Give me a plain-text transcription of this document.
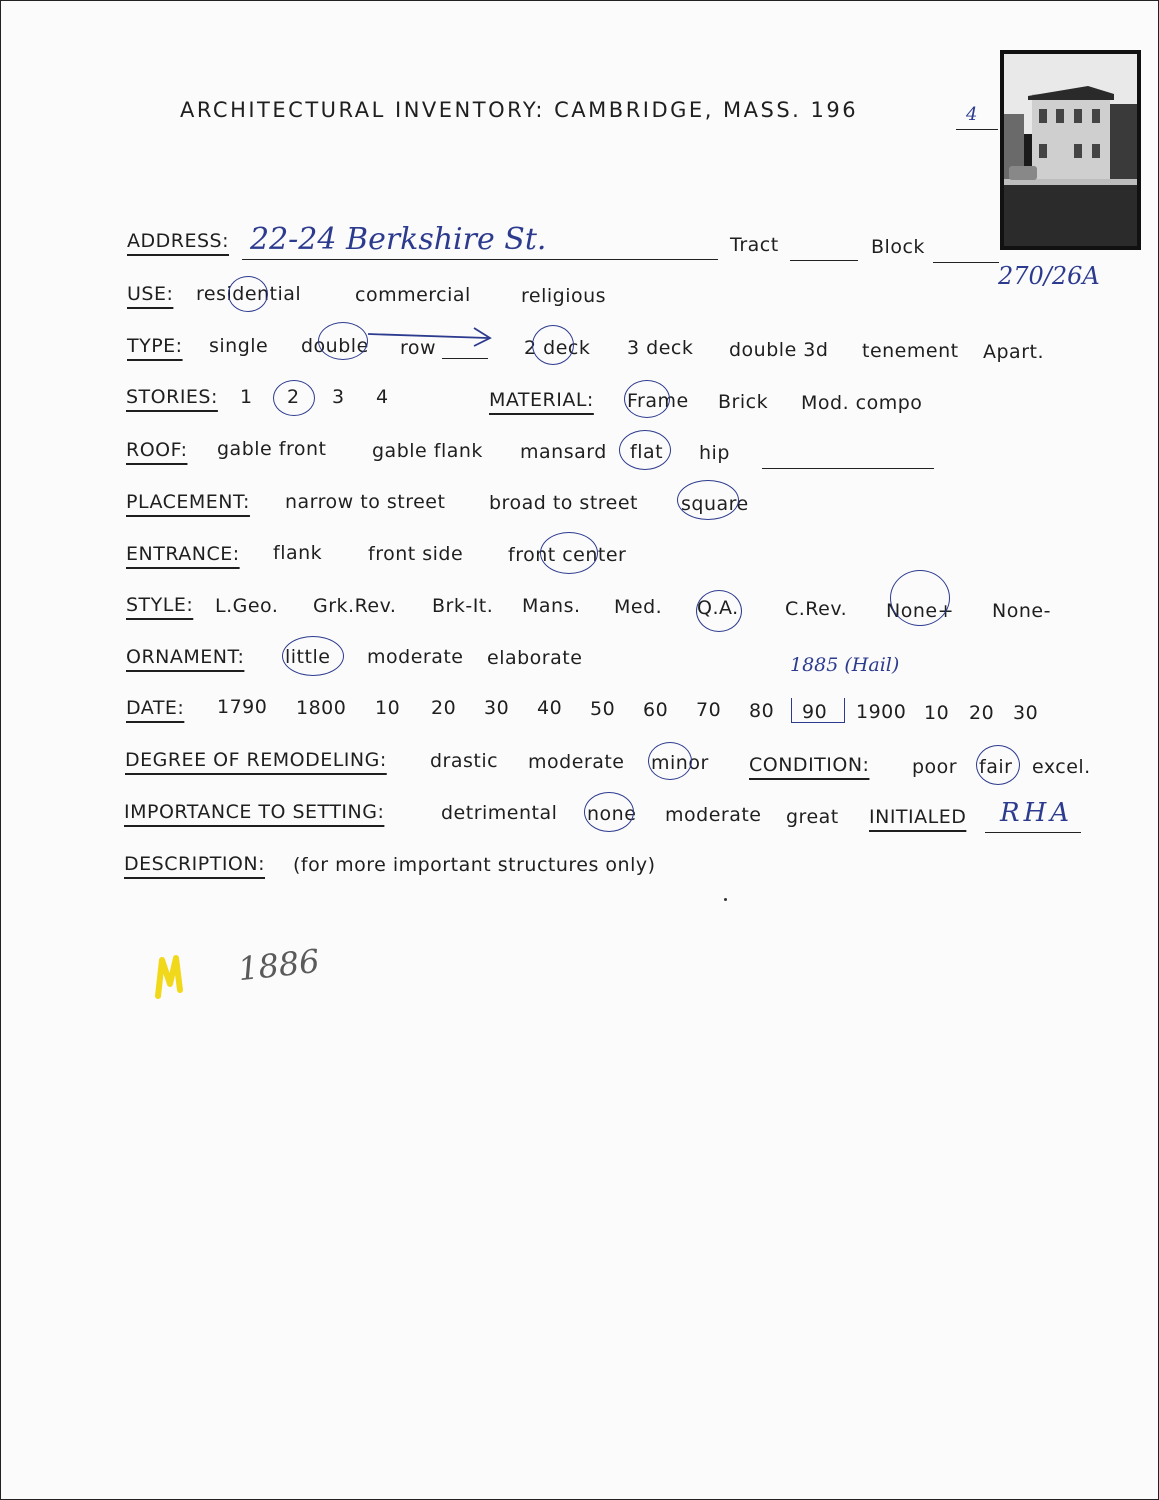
ARCHITECTURAL INVENTORY: CAMBRIDGE, MASS. 196	4
270/26A
ADDRESS: 22-24 Berkshire St.	Tract	Block
USE: residential	commercial	religious
TYPE: single double row	2 deck 3 deck double 3d tenement Apart.
STORIES: 1 2 3 4	MATERIAL: Frame Brick Mod. compo
ROOF: gable front gable flank mansard flat hip
PLACEMENT: narrow to street broad to street square
ENTRANCE: flank front side front center
STYLE: L.Geo. Grk.Rev. Brk-It. Mans. Med. Q.A. C.Rev. None+ None-
ORNAMENT: little moderate elaborate	1885 (Hail)
DATE: 1790 1800 10 20 30 40 50 60 70 80 90 1900 10 20 30
DEGREE OF REMODELING: drastic moderate minor CONDITION: poor fair excel.
IMPORTANCE TO SETTING:	detrimental none moderate great INITIALED RHA
DESCRIPTION: (for more important structures only)
1886
